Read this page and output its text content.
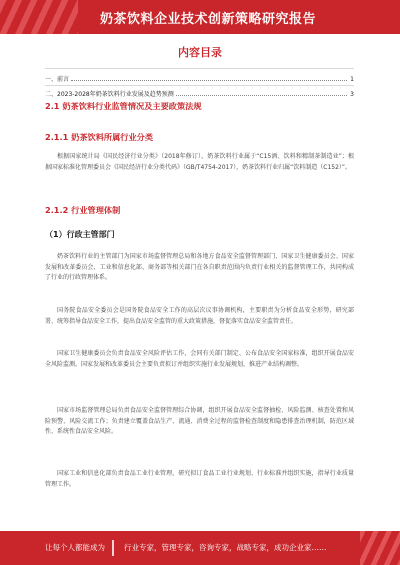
奶茶饮料企业技术创新策略研究报告
内容目录
一、前言	1
二、2023-2028年奶茶饮料行业发展及趋势预测	3
2.1 奶茶饮料行业监管情况及主要政策法规
2.1.1 奶茶饮料所属行业分类

根据国家统计局《国民经济行业分类》（2018年修订），奶茶饮料行业属于“C15酒、饮料和精制茶制造业”；根据国家标准化管理委员会《国民经济行业分类代码》（GB/T4754-2017），奶茶饮料行业归属“饮料制造（C152）”。

2.1.2 行业管理体制
（1）行政主管部门

奶茶饮料行业的主管部门为国家市场监督管理总局和各地方食品安全监督管理部门，国家卫生健康委员会、国家发展和改革委员会、工业和信息化部、商务部等相关部门在各自职责范围内负责行业相关的监督管理工作，共同构成了行业的行政管理体系。

国务院食品安全委员会是国务院食品安全工作的高层次议事协调机构，主要职责为分析食品安全形势，研究部署、统筹指导食品安全工作，提出食品安全监管的重大政策措施，督促落实食品安全监管责任。

国家卫生健康委员会负责食品安全风险评估工作，会同有关部门制定、公布食品安全国家标准，组织开展食品安全风险监测。国家发展和改革委员会主要负责拟订并组织实施行业发展规划，推进产业结构调整。

国家市场监督管理总局负责食品安全监督管理综合协调，组织开展食品安全监督抽检、风险监测、核查处置和风险预警、风险交流工作；负责建立覆盖食品生产、流通、消费全过程的监督检查制度和隐患排查治理机制，防范区域性、系统性食品安全风险。

国家工业和信息化部负责食品工业行业管理，研究拟订食品工业行业规划、行业标准并组织实施，指导行业质量管理工作。

让每个人都能成为	行业专家，管理专家，咨询专家，战略专家，成功企业家……
